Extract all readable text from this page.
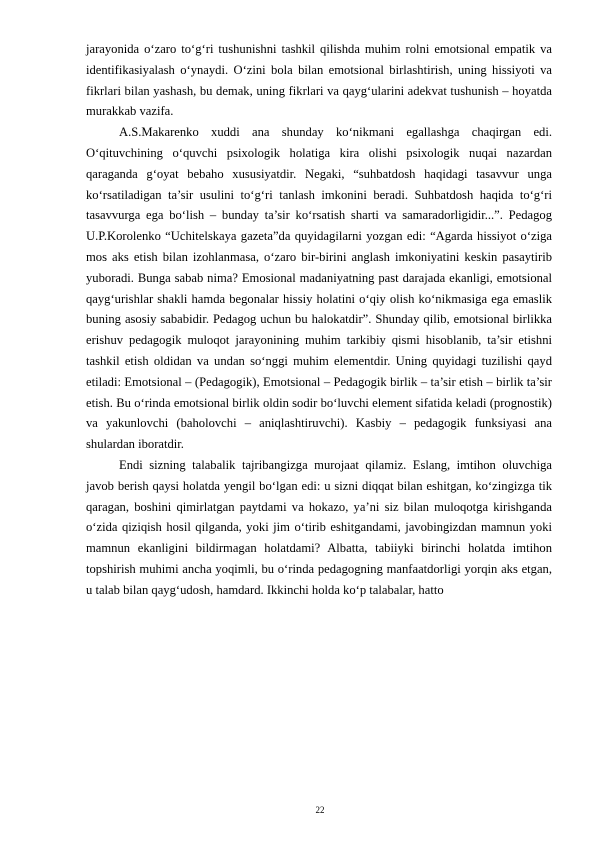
jarayonida o‘zaro to‘g‘ri tushunishni tashkil qilishda muhim rolni emotsional empatik va identifikasiyalash o‘ynaydi. O‘zini bola bilan emotsional birlashtirish, uning hissiyoti va fikrlari bilan yashash, bu demak, uning fikrlari va qayg‘ularini adekvat tushunish – hoyatda murakkab vazifa.

A.S.Makarenko xuddi ana shunday ko‘nikmani egallashga chaqirgan edi. O‘qituvchining o‘quvchi psixologik holatiga kira olishi psixologik nuqai nazardan qaraganda g‘oyat bebaho xususiyatdir. Negaki, “suhbatdosh haqidagi tasavvur unga ko‘rsatiladigan ta’sir usulini to‘g‘ri tanlash imkonini beradi. Suhbatdosh haqida to‘g‘ri tasavvurga ega bo‘lish – bunday ta’sir ko‘rsatish sharti va samaradorligidir...”. Pedagog U.P.Korolenko “Uchitelskaya gazeta”da quyidagilarni yozgan edi: “Agarda hissiyot o‘ziga mos aks etish bilan izohlanmasa, o‘zaro bir-birini anglash imkoniyatini keskin pasaytirib yuboradi. Bunga sabab nima? Emosional madaniyatning past darajada ekanligi, emotsional qayg‘urishlar shakli hamda begonalar hissiy holatini o‘qiy olish ko‘nikmasiga ega emaslik buning asosiy sababidir. Pedagog uchun bu halokatdir”. Shunday qilib, emotsional birlikka erishuv pedagogik muloqot jarayonining muhim tarkibiy qismi hisoblanib, ta’sir etishni tashkil etish oldidan va undan so‘nggi muhim elementdir. Uning quyidagi tuzilishi qayd etiladi: Emotsional – (Pedagogik), Emotsional – Pedagogik birlik – ta’sir etish – birlik ta’sir etish. Bu o‘rinda emotsional birlik oldin sodir bo‘luvchi element sifatida keladi (prognostik) va yakunlovchi (baholovchi – aniqlashtiruvchi). Kasbiy – pedagogik funksiyasi ana shulardan iboratdir.

Endi sizning talabalik tajribangizga murojaat qilamiz. Eslang, imtihon oluvchiga javob berish qaysi holatda yengil bo‘lgan edi: u sizni diqqat bilan eshitgan, ko‘zingizga tik qaragan, boshini qimirlatgan paytdami va hokazo, ya’ni siz bilan muloqotga kirishganda o‘zida qiziqish hosil qilganda, yoki jim o‘tirib eshitgandami, javobingizdan mamnun yoki mamnun ekanligini bildirmagan holatdami? Albatta, tabiiyki birinchi holatda imtihon topshirish muhimi ancha yoqimli, bu o‘rinda pedagogning manfaatdorligi yorqin aks etgan, u talab bilan qayg‘udosh, hamdard. Ikkinchi holda ko‘p talabalar, hatto

22
